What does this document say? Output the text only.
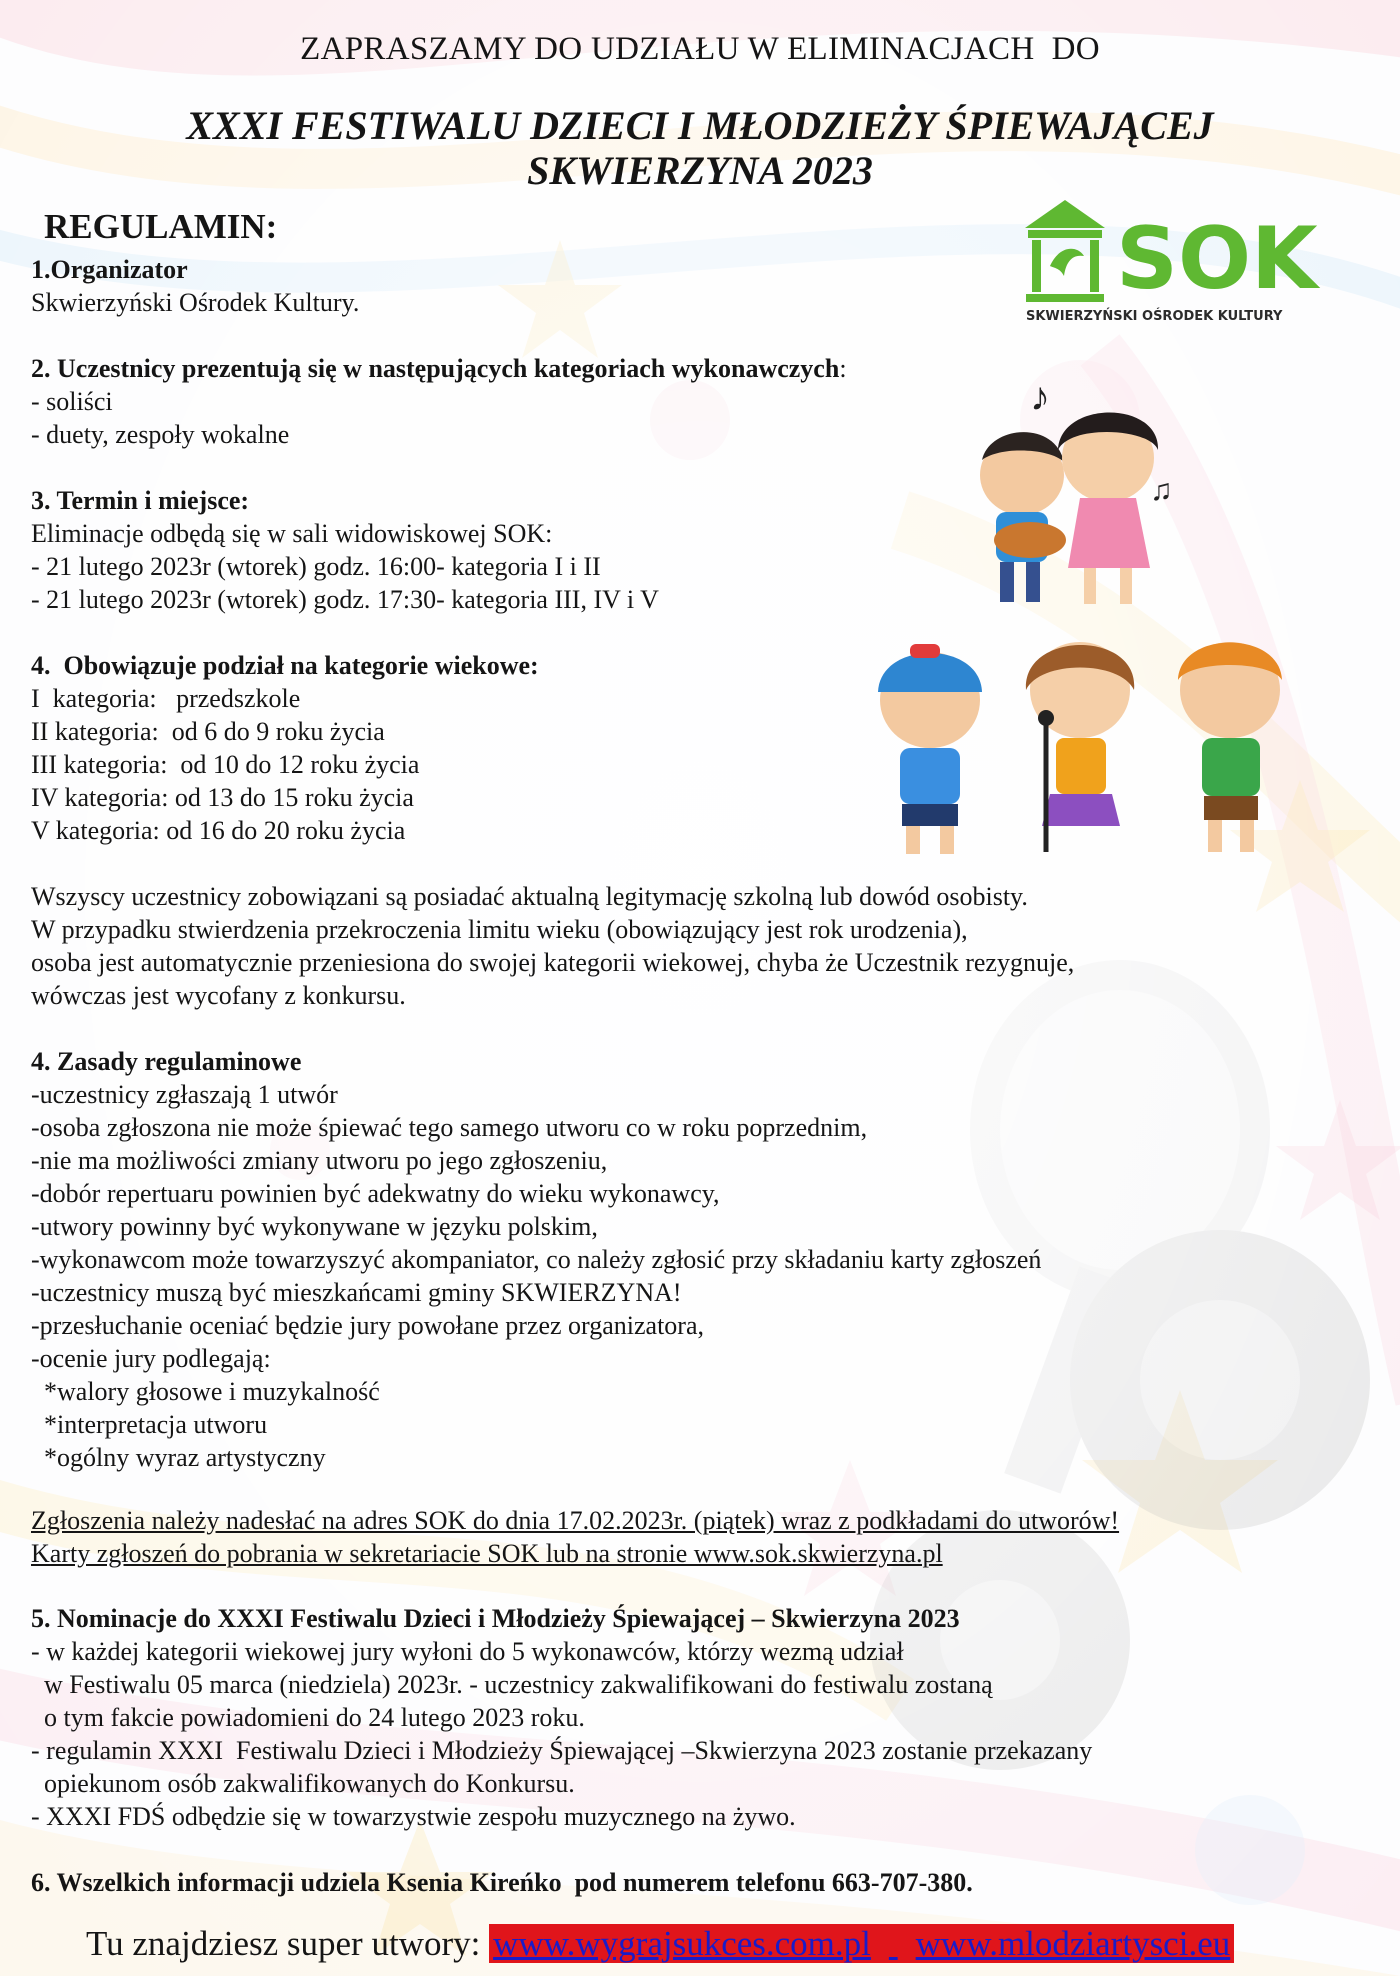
ZAPRASZAMY DO UDZIAŁU W ELIMINACJACH  DO
XXXI FESTIWALU DZIECI I MŁODZIEŻY ŚPIEWAJĄCEJ
SKWIERZYNA 2023
SOK
SKWIERZYŃSKI OŚRODEK KULTURY
♪
♫
REGULAMIN:
1.Organizator
Skwierzyński Ośrodek Kultury.
2. Uczestnicy prezentują się w następujących kategoriach wykonawczych:
- soliści
- duety, zespoły wokalne
3. Termin i miejsce:
Eliminacje odbędą się w sali widowiskowej SOK:
- 21 lutego 2023r (wtorek) godz. 16:00- kategoria I i II
- 21 lutego 2023r (wtorek) godz. 17:30- kategoria III, IV i V
4.  Obowiązuje podział na kategorie wiekowe:
I  kategoria:   przedszkole
II kategoria:  od 6 do 9 roku życia
III kategoria:  od 10 do 12 roku życia
IV kategoria: od 13 do 15 roku życia
V kategoria: od 16 do 20 roku życia
Wszyscy uczestnicy zobowiązani są posiadać aktualną legitymację szkolną lub dowód osobisty.
W przypadku stwierdzenia przekroczenia limitu wieku (obowiązujący jest rok urodzenia),
osoba jest automatycznie przeniesiona do swojej kategorii wiekowej, chyba że Uczestnik rezygnuje,
wówczas jest wycofany z konkursu.
4. Zasady regulaminowe
-uczestnicy zgłaszają 1 utwór
-osoba zgłoszona nie może śpiewać tego samego utworu co w roku poprzednim,
-nie ma możliwości zmiany utworu po jego zgłoszeniu,
-dobór repertuaru powinien być adekwatny do wieku wykonawcy,
-utwory powinny być wykonywane w języku polskim,
-wykonawcom może towarzyszyć akompaniator, co należy zgłosić przy składaniu karty zgłoszeń
-uczestnicy muszą być mieszkańcami gminy SKWIERZYNA!
-przesłuchanie oceniać będzie jury powołane przez organizatora,
-ocenie jury podlegają:
*walory głosowe i muzykalność
*interpretacja utworu
*ogólny wyraz artystyczny
Zgłoszenia należy nadesłać na adres SOK do dnia 17.02.2023r. (piątek) wraz z podkładami do utworów!
Karty zgłoszeń do pobrania w sekretariacie SOK lub na stronie www.sok.skwierzyna.pl
5. Nominacje do XXXI Festiwalu Dzieci i Młodzieży Śpiewającej – Skwierzyna 2023
- w każdej kategorii wiekowej jury wyłoni do 5 wykonawców, którzy wezmą udział
w Festiwalu 05 marca (niedziela) 2023r. - uczestnicy zakwalifikowani do festiwalu zostaną
o tym fakcie powiadomieni do 24 lutego 2023 roku.
- regulamin XXXI  Festiwalu Dzieci i Młodzieży Śpiewającej –Skwierzyna 2023 zostanie przekazany
opiekunom osób zakwalifikowanych do Konkursu.
- XXXI FDŚ odbędzie się w towarzystwie zespołu muzycznego na żywo.
6. Wszelkich informacji udziela Ksenia Kireńko  pod numerem telefonu 663-707-380.
Tu znajdziesz super utwory: www.wygrajsukces.com.pl www.mlodziartysci.eu
